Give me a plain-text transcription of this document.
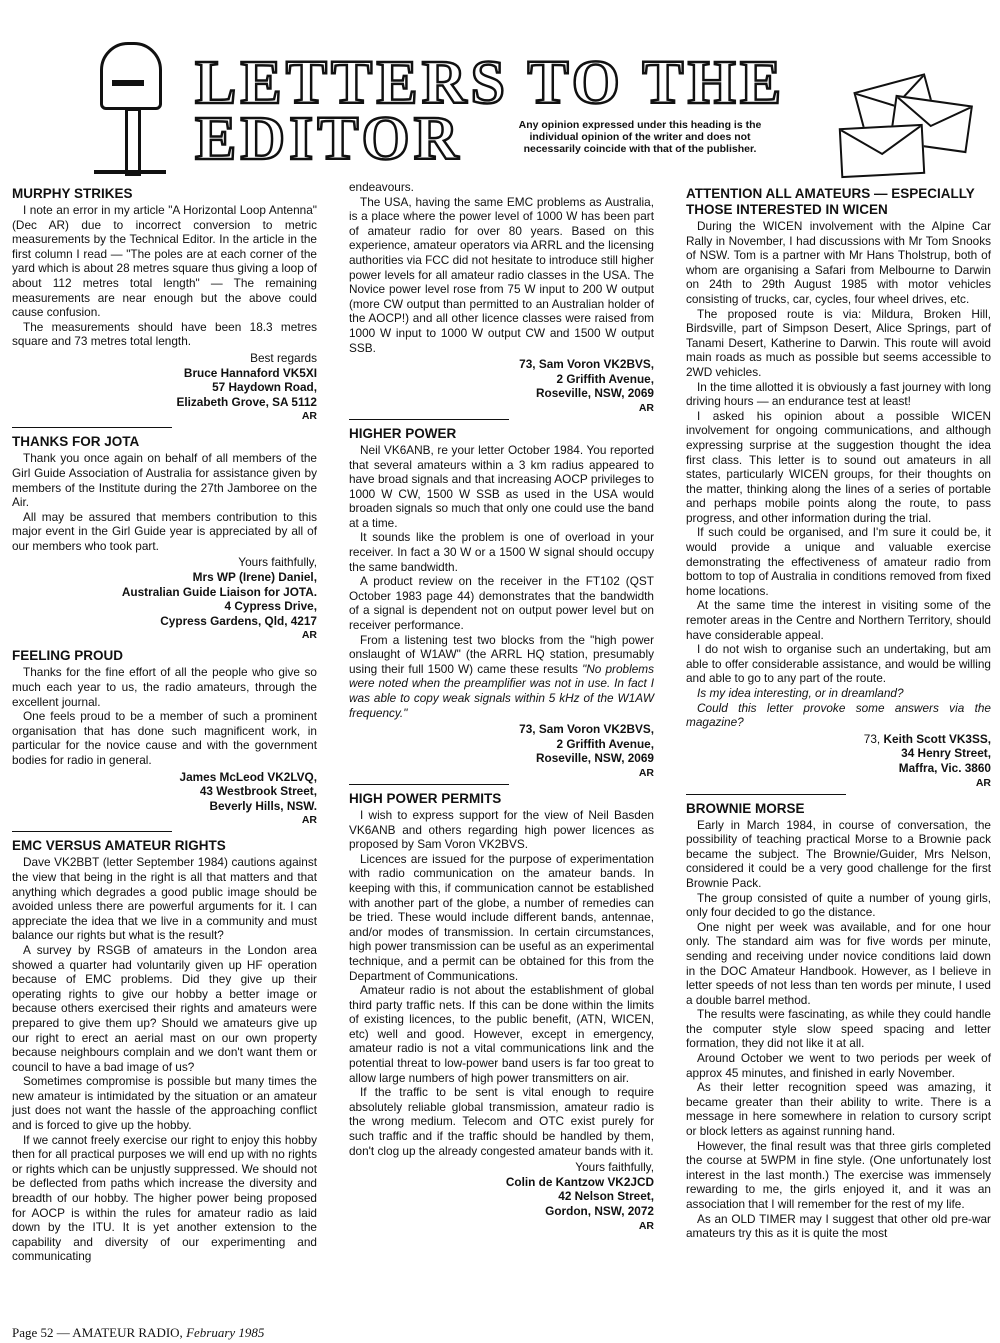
LETTERS TO THE
EDITOR	Any opinion expressed under this heading is the individual opinion of the writer and does not necessarily coincide with that of the publisher.
MURPHY STRIKES

I note an error in my article "A Horizontal Loop Antenna" (Dec AR) due to incorrect conversion to metric measurements by the Technical Editor. In the article in the first column I read — "The poles are at each corner of the yard which is about 28 metres square thus giving a loop of about 112 metres total length" — The remaining measurements are near enough but the above could cause confusion.

The measurements should have been 18.3 metres square and 73 metres total length.

Best regards
Bruce Hannaford VK5XI
57 Haydown Road,
Elizabeth Grove, SA 5112
AR
THANKS FOR JOTA

Thank you once again on behalf of all members of the Girl Guide Association of Australia for assistance given by members of the Institute during the 27th Jamboree on the Air.

All may be assured that members contribution to this major event in the Girl Guide year is appreciated by all of our members who took part.

Yours faithfully,
Mrs WP (Irene) Daniel,
Australian Guide Liaison for JOTA.
4 Cypress Drive,
Cypress Gardens, Qld, 4217
AR
FEELING PROUD

Thanks for the fine effort of all the people who give so much each year to us, the radio amateurs, through the excellent journal.

One feels proud to be a member of such a prominent organisation that has done such magnificent work, in particular for the novice cause and with the government bodies for radio in general.

James McLeod VK2LVQ,
43 Westbrook Street,
Beverly Hills, NSW.
AR
EMC VERSUS AMATEUR RIGHTS

Dave VK2BBT (letter September 1984) cautions against the view that being in the right is all that matters and that anything which degrades a good public image should be avoided unless there are powerful arguments for it. I can appreciate the idea that we live in a community and must balance our rights but what is the result?

A survey by RSGB of amateurs in the London area showed a quarter had voluntarily given up HF operation because of EMC problems. Did they give up their operating rights to give our hobby a better image or because others exercised their rights and amateurs were prepared to give them up? Should we amateurs give up our right to erect an aerial mast on our own property because neighbours complain and we don't want them or council to have a bad image of us?

Sometimes compromise is possible but many times the new amateur is intimidated by the situation or an amateur just does not want the hassle of the approaching conflict and is forced to give up the hobby.

If we cannot freely exercise our right to enjoy this hobby then for all practical purposes we will end up with no rights or rights which can be unjustly suppressed. We should not be deflected from paths which increase the diversity and breadth of our hobby. The higher power being proposed for AOCP is within the rules for amateur radio as laid down by the ITU. It is yet another extension to the capability and diversity of our experimenting and communicating

endeavours.

The USA, having the same EMC problems as Australia, is a place where the power level of 1000 W has been part of amateur radio for over 80 years. Based on this experience, amateur operators via ARRL and the licensing authorities via FCC did not hesitate to introduce still higher power levels for all amateur radio classes in the USA. The Novice power level rose from 75 W input to 200 W output (more CW output than permitted to an Australian holder of the AOCP!) and all other licence classes were raised from 1000 W input to 1000 W output CW and 1500 W output SSB.

73, Sam Voron VK2BVS,
2 Griffith Avenue,
Roseville, NSW, 2069
AR
HIGHER POWER

Neil VK6ANB, re your letter October 1984. You reported that several amateurs within a 3 km radius appeared to have broad signals and that increasing AOCP privileges to 1000 W CW, 1500 W SSB as used in the USA would broaden signals so much that only one could use the band at a time.

It sounds like the problem is one of overload in your receiver. In fact a 30 W or a 1500 W signal should occupy the same bandwidth.

A product review on the receiver in the FT102 (QST October 1983 page 44) demonstrates that the bandwidth of a signal is dependent not on output power level but on receiver performance.

From a listening test two blocks from the "high power onslaught of W1AW" (the ARRL HQ station, presumably using their full 1500 W) came these results "No problems were noted when the preamplifier was not in use. In fact I was able to copy weak signals within 5 kHz of the W1AW frequency."

73, Sam Voron VK2BVS,
2 Griffith Avenue,
Roseville, NSW, 2069
AR
HIGH POWER PERMITS

I wish to express support for the view of Neil Basden VK6ANB and others regarding high power licences as proposed by Sam Voron VK2BVS.

Licences are issued for the purpose of experimentation with radio communication on the amateur bands. In keeping with this, if communication cannot be established with another part of the globe, a number of remedies can be tried. These would include different bands, antennae, and/or modes of transmission. In certain circumstances, high power transmission can be useful as an experimental technique, and a permit can be obtained for this from the Department of Communications.

Amateur radio is not about the establishment of global third party traffic nets. If this can be done within the limits of existing licences, to the public benefit, (ATN, WICEN, etc) well and good. However, except in emergency, amateur radio is not a vital communications link and the potential threat to low-power band users is far too great to allow large numbers of high power transmitters on air.

If the traffic to be sent is vital enough to require absolutely reliable global transmission, amateur radio is the wrong medium. Telecom and OTC exist purely for such traffic and if the traffic should be handled by them, don't clog up the already congested amateur bands with it.

Yours faithfully,
Colin de Kantzow VK2JCD
42 Nelson Street,
Gordon, NSW, 2072
AR
ATTENTION ALL AMATEURS — ESPECIALLY THOSE INTERESTED IN WICEN

During the WICEN involvement with the Alpine Car Rally in November, I had discussions with Mr Tom Snooks of NSW. Tom is a partner with Mr Hans Tholstrup, both of whom are organising a Safari from Melbourne to Darwin on 24th to 29th August 1985 with motor vehicles consisting of trucks, car, cycles, four wheel drives, etc.

The proposed route is via: Mildura, Broken Hill, Birdsville, part of Simpson Desert, Alice Springs, part of Tanami Desert, Katherine to Darwin. This route will avoid main roads as much as possible but seems accessible to 2WD vehicles.

In the time allotted it is obviously a fast journey with long driving hours — an endurance test at least!

I asked his opinion about a possible WICEN involvement for ongoing communications, and although expressing surprise at the suggestion thought the idea first class. This letter is to sound out amateurs in all states, particularly WICEN groups, for their thoughts on the matter, thinking along the lines of a series of portable and perhaps mobile points along the route, to pass progress, and other information during the trial.

If such could be organised, and I'm sure it could be, it would provide a unique and valuable exercise demonstrating the effectiveness of amateur radio from bottom to top of Australia in conditions removed from fixed home locations.

At the same time the interest in visiting some of the remoter areas in the Centre and Northern Territory, should have considerable appeal.

I do not wish to organise such an undertaking, but am able to offer considerable assistance, and would be willing and able to go to any part of the route.

Is my idea interesting, or in dreamland?

Could this letter provoke some answers via the magazine?

73, Keith Scott VK3SS,
34 Henry Street,
Maffra, Vic. 3860
AR
BROWNIE MORSE

Early in March 1984, in course of conversation, the possibility of teaching practical Morse to a Brownie pack became the subject. The Brownie/Guider, Mrs Nelson, considered it could be a very good challenge for the first Brownie Pack.

The group consisted of quite a number of young girls, only four decided to go the distance.

One night per week was available, and for one hour only. The standard aim was for five words per minute, sending and receiving under novice conditions laid down in the DOC Amateur Handbook. However, as I believe in letter speeds of not less than ten words per minute, I used a double barrel method.

The results were fascinating, as while they could handle the computer style slow speed spacing and letter formation, they did not like it at all.

Around October we went to two periods per week of approx 45 minutes, and finished in early November.

As their letter recognition speed was amazing, it became greater than their ability to write. There is a message in here somewhere in relation to cursory script or block letters as against running hand.

However, the final result was that three girls completed the course at 5WPM in fine style. (One unfortunately lost interest in the last month.) The exercise was immensely rewarding to me, the girls enjoyed it, and it was an association that I will remember for the rest of my life.

As an OLD TIMER may I suggest that other old pre-war amateurs try this as it is quite the most

Page 52 — AMATEUR RADIO, February 1985
